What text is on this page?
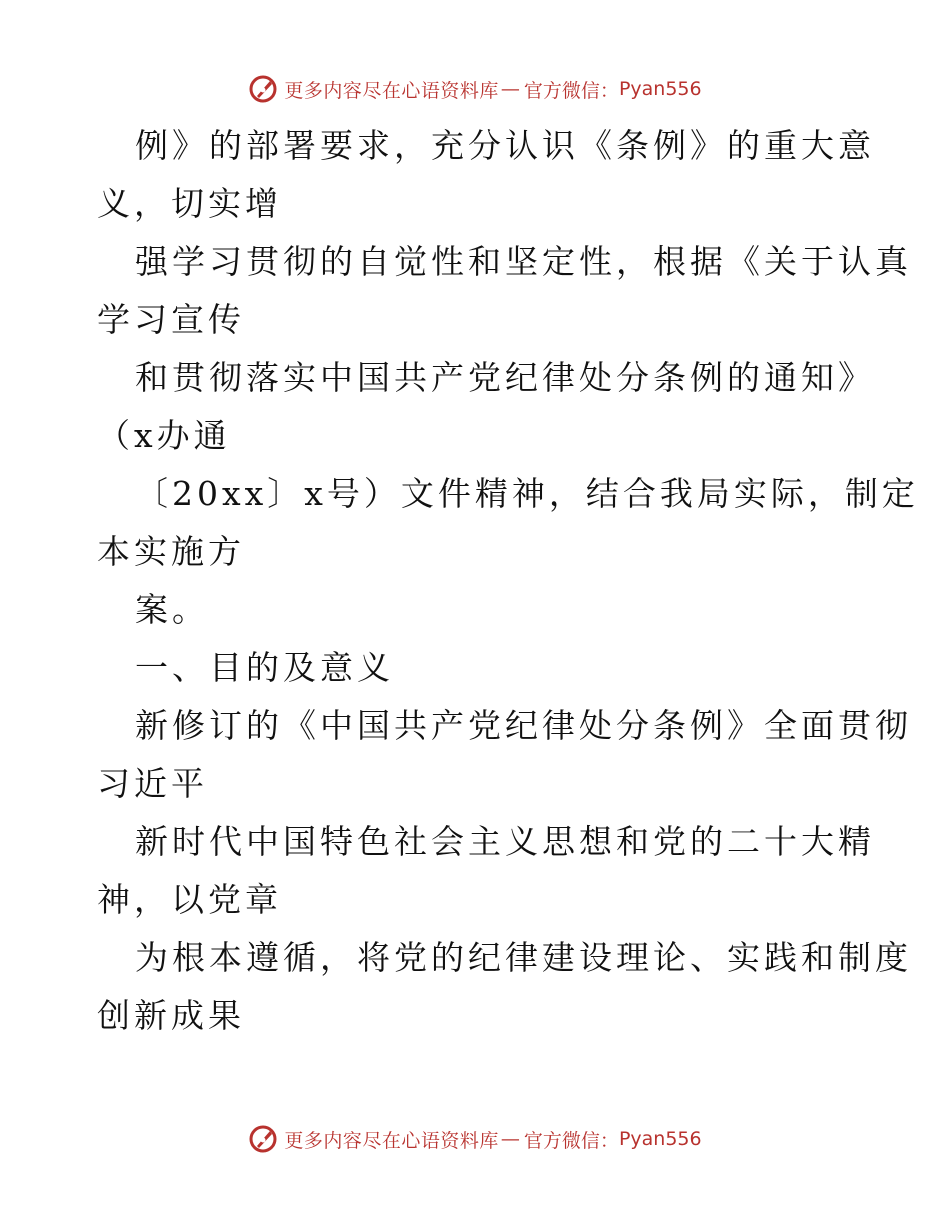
更多内容尽在心语资料库 — 官方微信： Pyan556
例》的部署要求，充分认识《条例》的重大意
义，切实增
强学习贯彻的自觉性和坚定性，根据《关于认真
学习宣传
和贯彻落实中国共产党纪律处分条例的通知》
（x办通
〔20xx〕x号）文件精神，结合我局实际，制定
本实施方
案。
一、目的及意义
新修订的《中国共产党纪律处分条例》全面贯彻
习近平
新时代中国特色社会主义思想和党的二十大精
神，以党章
为根本遵循，将党的纪律建设理论、实践和制度
创新成果
更多内容尽在心语资料库 — 官方微信： Pyan556
